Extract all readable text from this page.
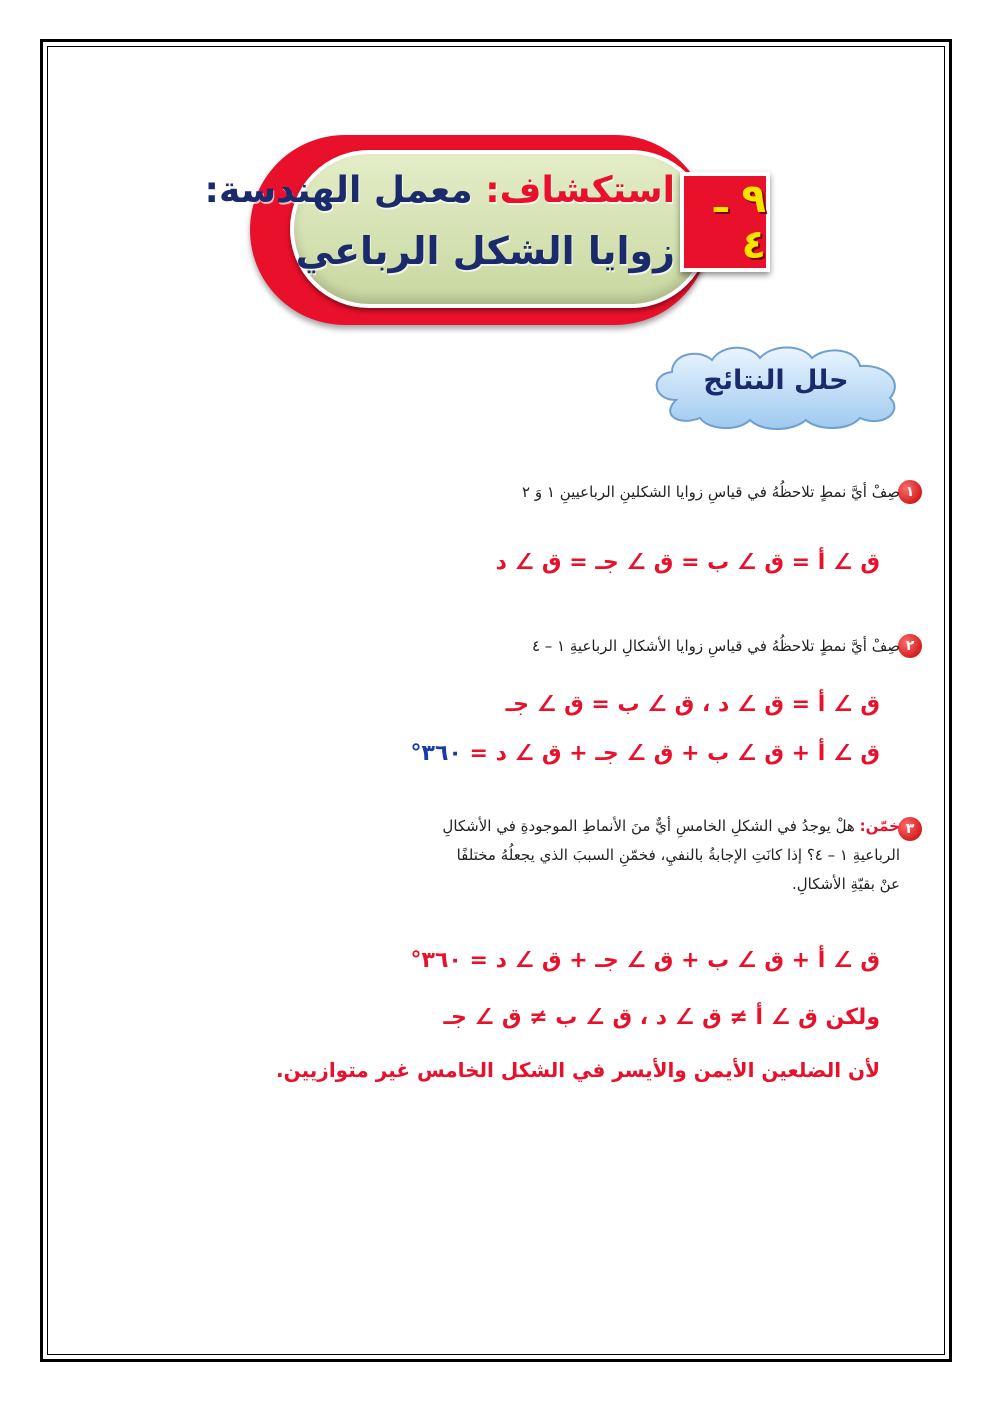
استكشاف: معمل الهندسة:
زوايا الشكل الرباعي
٩ ـ ٤
حلل النتائج
١
صِفْ أيَّ نمطٍ تلاحظُهُ في قياسِ زوايا الشكلينِ الرباعيينِ ١ وَ ٢
ق ∠ أ = ق ∠ ب = ق ∠ جـ = ق ∠ د
٢
صِفْ أيَّ نمطٍ تلاحظُهُ في قياسِ زوايا الأشكالِ الرباعيةِ ١ – ٤
ق ∠ أ = ق ∠ د ، ق ∠ ب = ق ∠ جـ
ق ∠ أ + ق ∠ ب + ق ∠ جـ + ق ∠ د = ٣٦٠°
٣
خمّن: هلْ يوجدُ في الشكلِ الخامسِ أيٌّ منَ الأنماطِ الموجودةِ في الأشكالِ
الرباعيةِ ١ – ٤؟ إذا كانَتِ الإجابةُ بالنفيِ، فخمّنِ السببَ الذي يجعلُهُ مختلفًا
عنْ بقيّةِ الأشكالِ.
ق ∠ أ + ق ∠ ب + ق ∠ جـ + ق ∠ د = ٣٦٠°
ولكن ق ∠ أ ≠ ق ∠ د ، ق ∠ ب ≠ ق ∠ جـ
لأن الضلعين الأيمن والأيسر في الشكل الخامس غير متوازيين.
